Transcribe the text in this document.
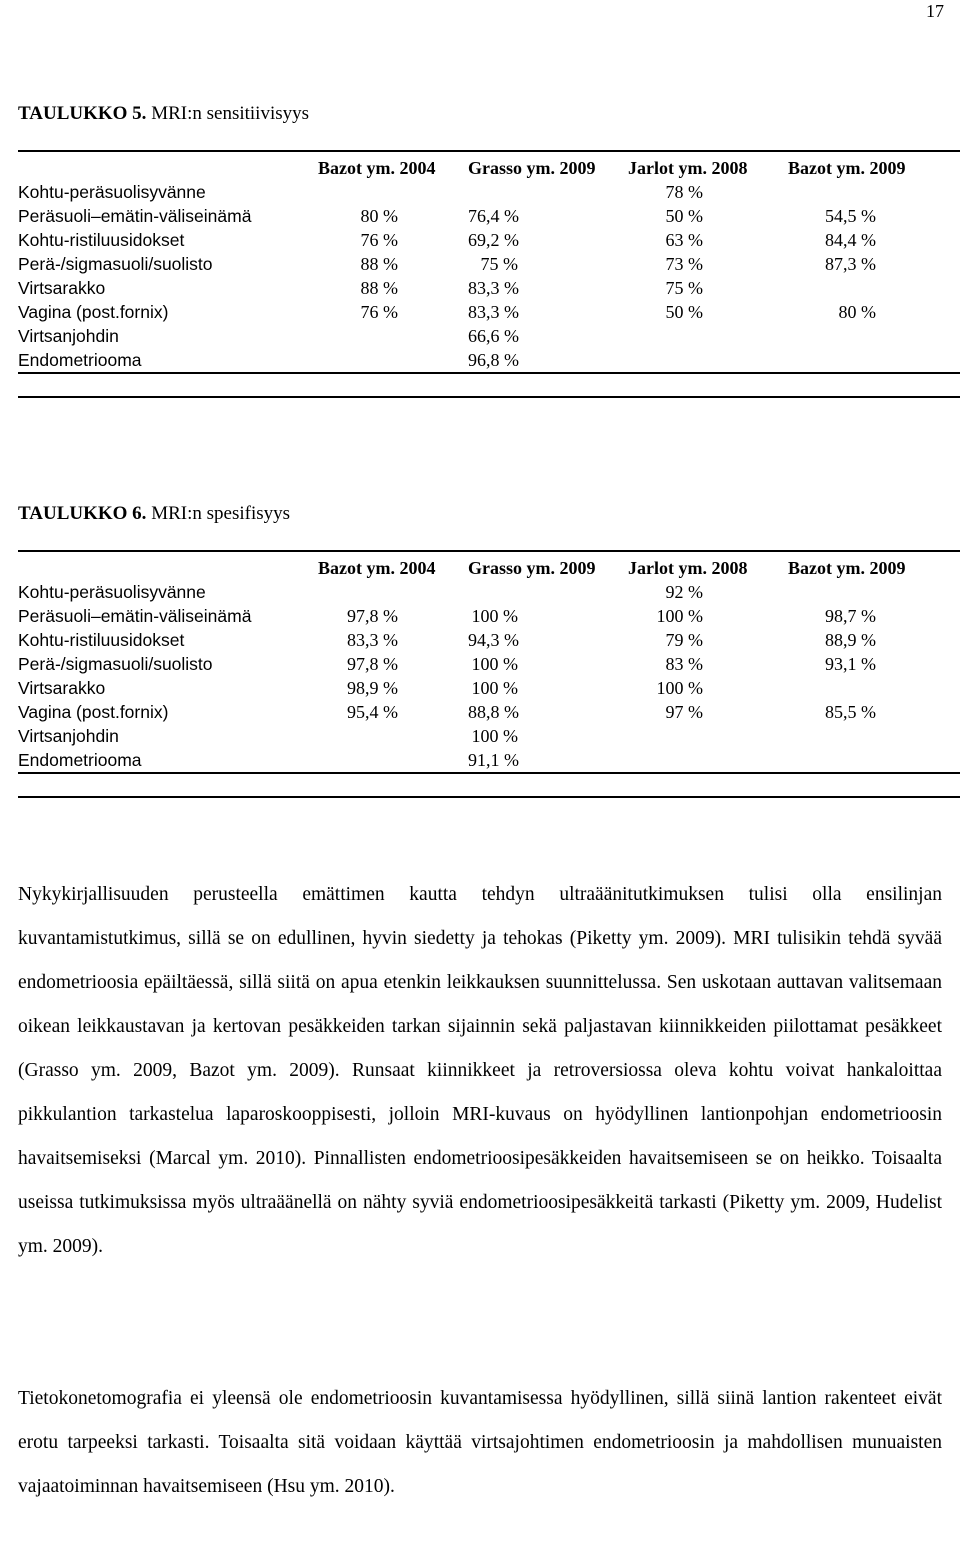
17
TAULUKKO 5. MRI:n sensitiivisyys
	Bazot ym. 2004	Grasso ym. 2009	Jarlot ym. 2008	Bazot ym. 2009
Kohtu-peräsuolisyvänne			78 %	
Peräsuoli–emätin-väliseinämä	80 %	76,4 %	50 %	54,5 %
Kohtu-ristiluusidokset	76 %	69,2 %	63 %	84,4 %
Perä-/sigmasuoli/suolisto	88 %	75 %	73 %	87,3 %
Virtsarakko	88 %	83,3 %	75 %	
Vagina (post.fornix)	76 %	83,3 %	50 %	80 %
Virtsanjohdin		66,6 %		
Endometriooma		96,8 %		

TAULUKKO 6. MRI:n spesifisyys
	Bazot ym. 2004	Grasso ym. 2009	Jarlot ym. 2008	Bazot ym. 2009
Kohtu-peräsuolisyvänne			92 %	
Peräsuoli–emätin-väliseinämä	97,8 %	100 %	100 %	98,7 %
Kohtu-ristiluusidokset	83,3 %	94,3 %	79 %	88,9 %
Perä-/sigmasuoli/suolisto	97,8 %	100 %	83 %	93,1 %
Virtsarakko	98,9 %	100 %	100 %	
Vagina (post.fornix)	95,4 %	88,8 %	97 %	85,5 %
Virtsanjohdin		100 %		
Endometriooma		91,1 %		

Nykykirjallisuuden perusteella emättimen kautta tehdyn ultraäänitutkimuksen tulisi olla ensilinjan kuvantamistutkimus, sillä se on edullinen, hyvin siedetty ja tehokas (Piketty ym. 2009). MRI tulisikin tehdä syvää endometrioosia epäiltäessä, sillä siitä on apua etenkin leikkauksen suunnittelussa. Sen uskotaan auttavan valitsemaan oikean leikkaustavan ja kertovan pesäkkeiden tarkan sijainnin sekä paljastavan kiinnikkeiden piilottamat pesäkkeet (Grasso ym. 2009, Bazot ym. 2009). Runsaat kiinnikkeet ja retroversiossa oleva kohtu voivat hankaloittaa pikkulantion tarkastelua laparoskooppisesti, jolloin MRI-kuvaus on hyödyllinen lantionpohjan endometrioosin havaitsemiseksi (Marcal ym. 2010). Pinnallisten endometrioosipesäkkeiden havaitsemiseen se on heikko. Toisaalta useissa tutkimuksissa myös ultraäänellä on nähty syviä endometrioosipesäkkeitä tarkasti (Piketty ym. 2009, Hudelist ym. 2009).

Tietokonetomografia ei yleensä ole endometrioosin kuvantamisessa hyödyllinen, sillä siinä lantion rakenteet eivät erotu tarpeeksi tarkasti. Toisaalta sitä voidaan käyttää virtsajohtimen endometrioosin ja mahdollisen munuaisten vajaatoiminnan havaitsemiseen (Hsu ym. 2010).
